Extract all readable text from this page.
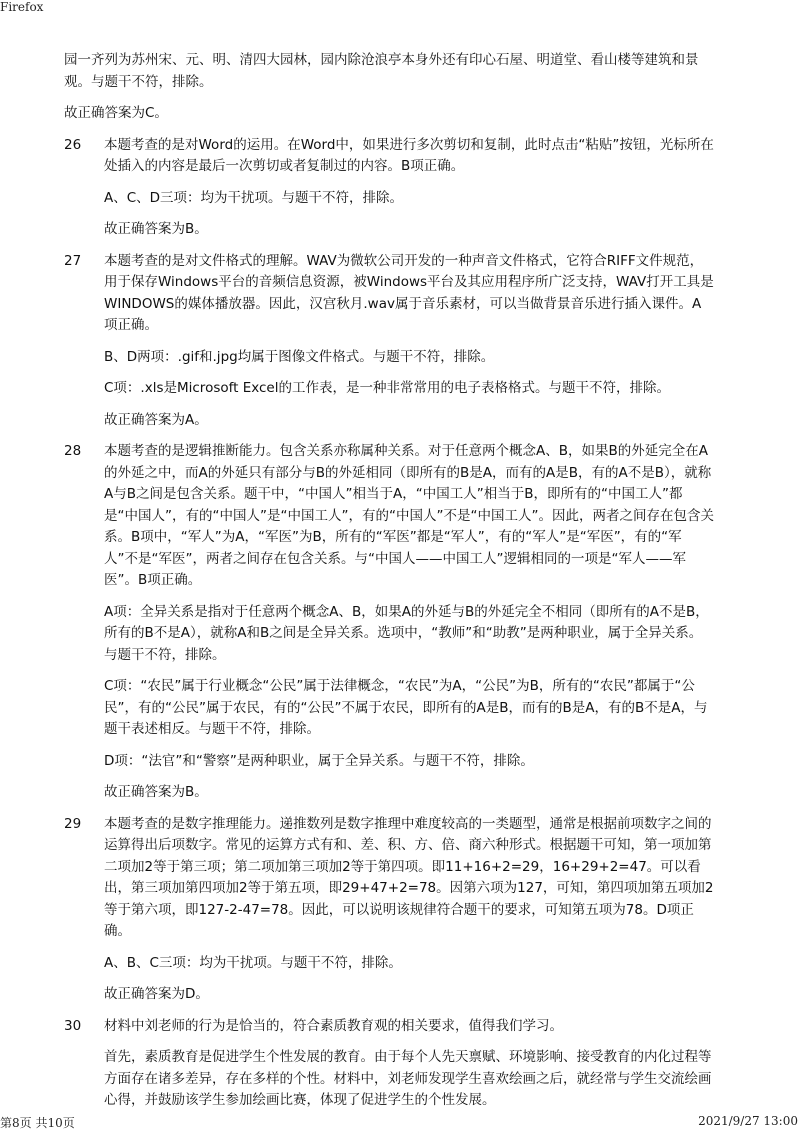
Firefox
园一齐列为苏州宋、元、明、清四大园林，园内除沧浪亭本身外还有印心石屋、明道堂、看山楼等建筑和景观。与题干不符，排除。
故正确答案为C。
26	本题考查的是对Word的运用。在Word中，如果进行多次剪切和复制，此时点击“粘贴”按钮，光标所在处插入的内容是最后一次剪切或者复制过的内容。B项正确。
A、C、D三项：均为干扰项。与题干不符，排除。
故正确答案为B。
27	本题考查的是对文件格式的理解。WAV为微软公司开发的一种声音文件格式，它符合RIFF文件规范，用于保存Windows平台的音频信息资源，被Windows平台及其应用程序所广泛支持，WAV打开工具是WINDOWS的媒体播放器。因此，汉宫秋月.wav属于音乐素材，可以当做背景音乐进行插入课件。A项正确。
B、D两项：.gif和.jpg均属于图像文件格式。与题干不符，排除。
C项：.xls是Microsoft Excel的工作表，是一种非常常用的电子表格格式。与题干不符，排除。
故正确答案为A。
28	本题考查的是逻辑推断能力。包含关系亦称属种关系。对于任意两个概念A、B，如果B的外延完全在A的外延之中，而A的外延只有部分与B的外延相同（即所有的B是A，而有的A是B，有的A不是B），就称A与B之间是包含关系。题干中，“中国人”相当于A，“中国工人”相当于B，即所有的“中国工人”都是“中国人”，有的“中国人”是“中国工人”，有的“中国人”不是“中国工人”。因此，两者之间存在包含关系。B项中，“军人”为A，“军医”为B，所有的“军医”都是“军人”，有的“军人”是“军医”，有的“军人”不是“军医”，两者之间存在包含关系。与“中国人——中国工人”逻辑相同的一项是“军人——军医”。B项正确。
A项：全异关系是指对于任意两个概念A、B，如果A的外延与B的外延完全不相同（即所有的A不是B，所有的B不是A），就称A和B之间是全异关系。选项中，“教师”和“助教”是两种职业，属于全异关系。与题干不符，排除。
C项：“农民”属于行业概念“公民”属于法律概念，“农民”为A，“公民”为B，所有的“农民”都属于“公民”，有的“公民”属于农民，有的“公民”不属于农民，即所有的A是B，而有的B是A，有的B不是A，与题干表述相反。与题干不符，排除。
D项：“法官”和“警察”是两种职业，属于全异关系。与题干不符，排除。
故正确答案为B。
29	本题考查的是数字推理能力。递推数列是数字推理中难度较高的一类题型，通常是根据前项数字之间的运算得出后项数字。常见的运算方式有和、差、积、方、倍、商六种形式。根据题干可知，第一项加第二项加2等于第三项；第二项加第三项加2等于第四项。即11+16+2=29，16+29+2=47。可以看出，第三项加第四项加2等于第五项，即29+47+2=78。因第六项为127，可知，第四项加第五项加2等于第六项，即127-2-47=78。因此，可以说明该规律符合题干的要求，可知第五项为78。D项正确。
A、B、C三项：均为干扰项。与题干不符，排除。
故正确答案为D。
30	材料中刘老师的行为是恰当的，符合素质教育观的相关要求，值得我们学习。
首先，素质教育是促进学生个性发展的教育。由于每个人先天禀赋、环境影响、接受教育的内化过程等方面存在诸多差异，存在多样的个性。材料中，刘老师发现学生喜欢绘画之后，就经常与学生交流绘画心得，并鼓励该学生参加绘画比赛，体现了促进学生的个性发展。
第8页 共10页	2021/9/27 13:00
